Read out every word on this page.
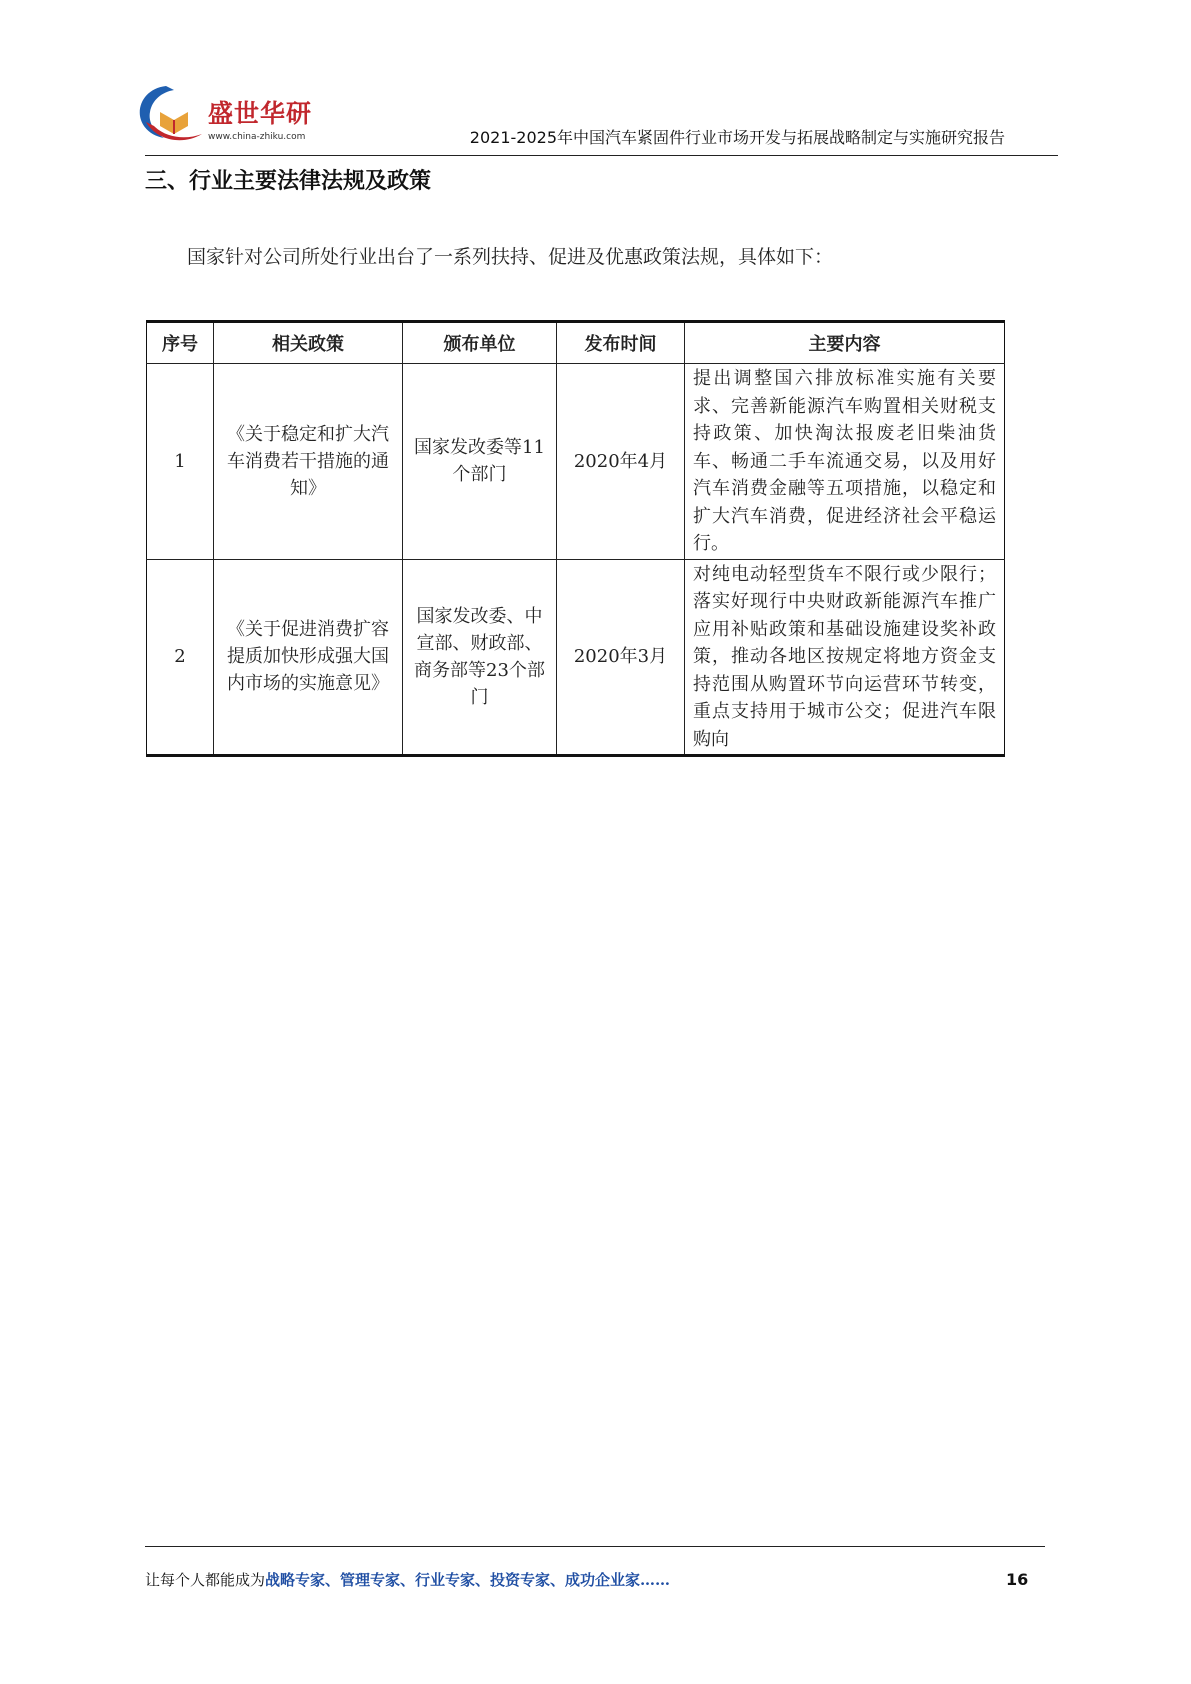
盛世华研
www.china-zhiku.com	2021-2025年中国汽车紧固件行业市场开发与拓展战略制定与实施研究报告
三、行业主要法律法规及政策
国家针对公司所处行业出台了一系列扶持、促进及优惠政策法规，具体如下：
序号	相关政策	颁布单位	发布时间	主要内容
1	《关于稳定和扩大汽车消费若干措施的通知》	国家发改委等11个部门	2020年4月	提出调整国六排放标准实施有关要求、完善新能源汽车购置相关财税支持政策、加快淘汰报废老旧柴油货车、畅通二手车流通交易，以及用好汽车消费金融等五项措施，以稳定和扩大汽车消费，促进经济社会平稳运行。
2	《关于促进消费扩容提质加快形成强大国内市场的实施意见》	国家发改委、中宣部、财政部、商务部等23个部门	2020年3月	对纯电动轻型货车不限行或少限行；落实好现行中央财政新能源汽车推广应用补贴政策和基础设施建设奖补政策，推动各地区按规定将地方资金支持范围从购置环节向运营环节转变，重点支持用于城市公交；促进汽车限购向
让每个人都能成为战略专家、管理专家、行业专家、投资专家、成功企业家……	16
